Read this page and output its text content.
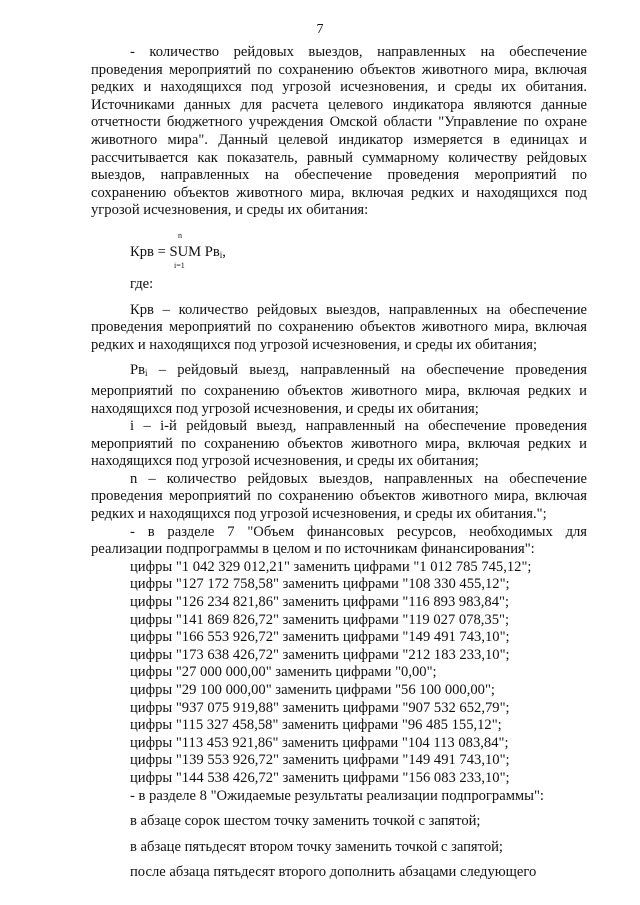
7

- количество рейдовых выездов, направленных на обеспечение проведения мероприятий по сохранению объектов животного мира, включая редких и находящихся под угрозой исчезновения, и среды их обитания. Источниками данных для расчета целевого индикатора являются данные отчетности бюджетного учреждения Омской области "Управление по охране животного мира". Данный целевой индикатор измеряется в единицах и рассчитывается как показатель, равный суммарному количеству рейдовых выездов, направленных на обеспечение проведения мероприятий по сохранению объектов животного мира, включая редких и находящихся под угрозой исчезновения, и среды их обитания:

n
Крв = SUM $Рв_i$,
i=1

где:

Крв – количество рейдовых выездов, направленных на обеспечение проведения мероприятий по сохранению объектов животного мира, включая редких и находящихся под угрозой исчезновения, и среды их обитания;

$Рв_i$ – рейдовый выезд, направленный на обеспечение проведения мероприятий по сохранению объектов животного мира, включая редких и находящихся под угрозой исчезновения, и среды их обитания;

i – i-й рейдовый выезд, направленный на обеспечение проведения мероприятий по сохранению объектов животного мира, включая редких и находящихся под угрозой исчезновения, и среды их обитания;

n – количество рейдовых выездов, направленных на обеспечение проведения мероприятий по сохранению объектов животного мира, включая редких и находящихся под угрозой исчезновения, и среды их обитания.";

- в разделе 7 "Объем финансовых ресурсов, необходимых для реализации подпрограммы в целом и по источникам финансирования":

цифры "1 042 329 012,21" заменить цифрами "1 012 785 745,12";

цифры "127 172 758,58" заменить цифрами "108 330 455,12";

цифры "126 234 821,86" заменить цифрами "116 893 983,84";

цифры "141 869 826,72" заменить цифрами "119 027 078,35";

цифры "166 553 926,72" заменить цифрами "149 491 743,10";

цифры "173 638 426,72" заменить цифрами "212 183 233,10";

цифры "27 000 000,00" заменить цифрами "0,00";

цифры "29 100 000,00" заменить цифрами "56 100 000,00";

цифры "937 075 919,88" заменить цифрами "907 532 652,79";

цифры "115 327 458,58" заменить цифрами "96 485 155,12";

цифры "113 453 921,86" заменить цифрами "104 113 083,84";

цифры "139 553 926,72" заменить цифрами "149 491 743,10";

цифры "144 538 426,72" заменить цифрами "156 083 233,10";

- в разделе 8 "Ожидаемые результаты реализации подпрограммы":

в абзаце сорок шестом точку заменить точкой с запятой;

в абзаце пятьдесят втором точку заменить точкой с запятой;

после абзаца пятьдесят второго дополнить абзацами следующего
